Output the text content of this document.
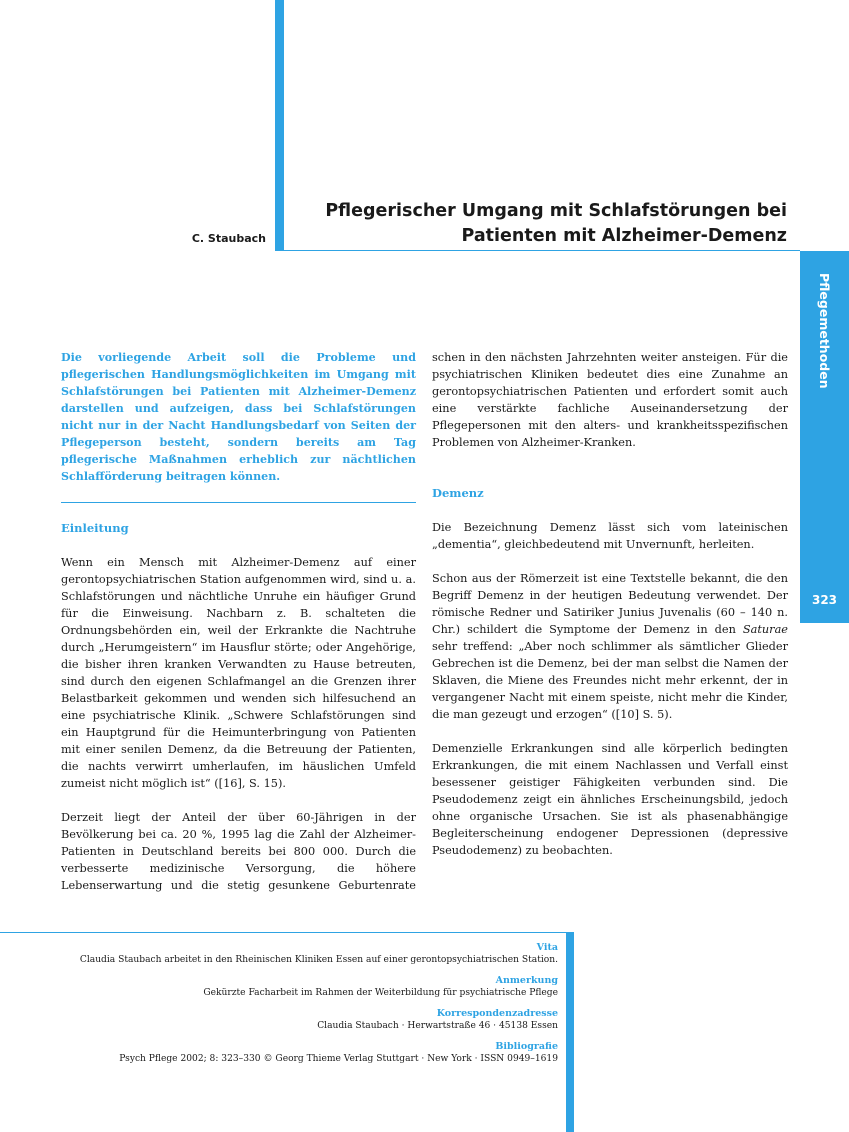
Pflegerischer Umgang mit Schlafstörungen bei
Patienten mit Alzheimer-Demenz
C. Staubach
Pflegemethoden
323

Die vorliegende Arbeit soll die Probleme und pflegerischen Handlungsmöglichkeiten im Umgang mit Schlafstörungen bei Patienten mit Alzheimer-Demenz darstellen und aufzeigen, dass bei Schlafstörungen nicht nur in der Nacht Handlungsbedarf von Seiten der Pflegeperson besteht, sondern bereits am Tag pflegerische Maßnahmen erheblich zur nächtlichen Schlafförderung beitragen können.

Einleitung

Wenn ein Mensch mit Alzheimer-Demenz auf einer gerontopsychiatrischen Station aufgenommen wird, sind u. a. Schlafstörungen und nächtliche Unruhe ein häufiger Grund für die Einweisung. Nachbarn z. B. schalteten die Ordnungsbehörden ein, weil der Erkrankte die Nachtruhe durch „Herumgeistern“ im Hausflur störte; oder Angehörige, die bisher ihren kranken Verwandten zu Hause betreuten, sind durch den eigenen Schlafmangel an die Grenzen ihrer Belastbarkeit gekommen und wenden sich hilfesuchend an eine psychiatrische Klinik. „Schwere Schlafstörungen sind ein Hauptgrund für die Heimunterbringung von Patienten mit einer senilen Demenz, da die Betreuung der Patienten, die nachts verwirrt umherlaufen, im häuslichen Umfeld zumeist nicht möglich ist“ ([16], S. 15).

Derzeit liegt der Anteil der über 60-Jährigen in der Bevölkerung bei ca. 20 %, 1995 lag die Zahl der Alzheimer-Patienten in Deutschland bereits bei 800 000. Durch die verbesserte medizinische Versorgung, die höhere Lebenserwartung und die stetig gesunkene Geburtenrate

schen in den nächsten Jahrzehnten weiter ansteigen. Für die psychiatrischen Kliniken bedeutet dies eine Zunahme an gerontopsychiatrischen Patienten und erfordert somit auch eine verstärkte fachliche Auseinandersetzung der Pflegepersonen mit den alters- und krankheitsspezifischen Problemen von Alzheimer-Kranken.

Demenz

Die Bezeichnung Demenz lässt sich vom lateinischen „dementia“, gleichbedeutend mit Unvernunft, herleiten.

Schon aus der Römerzeit ist eine Textstelle bekannt, die den Begriff Demenz in der heutigen Bedeutung verwendet. Der römische Redner und Satiriker Junius Juvenalis (60 – 140 n. Chr.) schildert die Symptome der Demenz in den Saturae sehr treffend: „Aber noch schlimmer als sämtlicher Glieder Gebrechen ist die Demenz, bei der man selbst die Namen der Sklaven, die Miene des Freundes nicht mehr erkennt, der in vergangener Nacht mit einem speiste, nicht mehr die Kinder, die man gezeugt und erzogen“ ([10] S. 5).

Demenzielle Erkrankungen sind alle körperlich bedingten Erkrankungen, die mit einem Nachlassen und Verfall einst besessener geistiger Fähigkeiten verbunden sind. Die Pseudodemenz zeigt ein ähnliches Erscheinungsbild, jedoch ohne organische Ursachen. Sie ist als phasenabhängige Begleiterscheinung endogener Depressionen (depressive Pseudodemenz) zu beobachten.

Vita
Claudia Staubach arbeitet in den Rheinischen Kliniken Essen auf einer gerontopsychiatrischen Station.
Anmerkung
Gekürzte Facharbeit im Rahmen der Weiterbildung für psychiatrische Pflege
Korrespondenzadresse
Claudia Staubach · Herwartstraße 46 · 45138 Essen
Bibliografie
Psych Pflege 2002; 8: 323–330 © Georg Thieme Verlag Stuttgart · New York · ISSN 0949–1619
